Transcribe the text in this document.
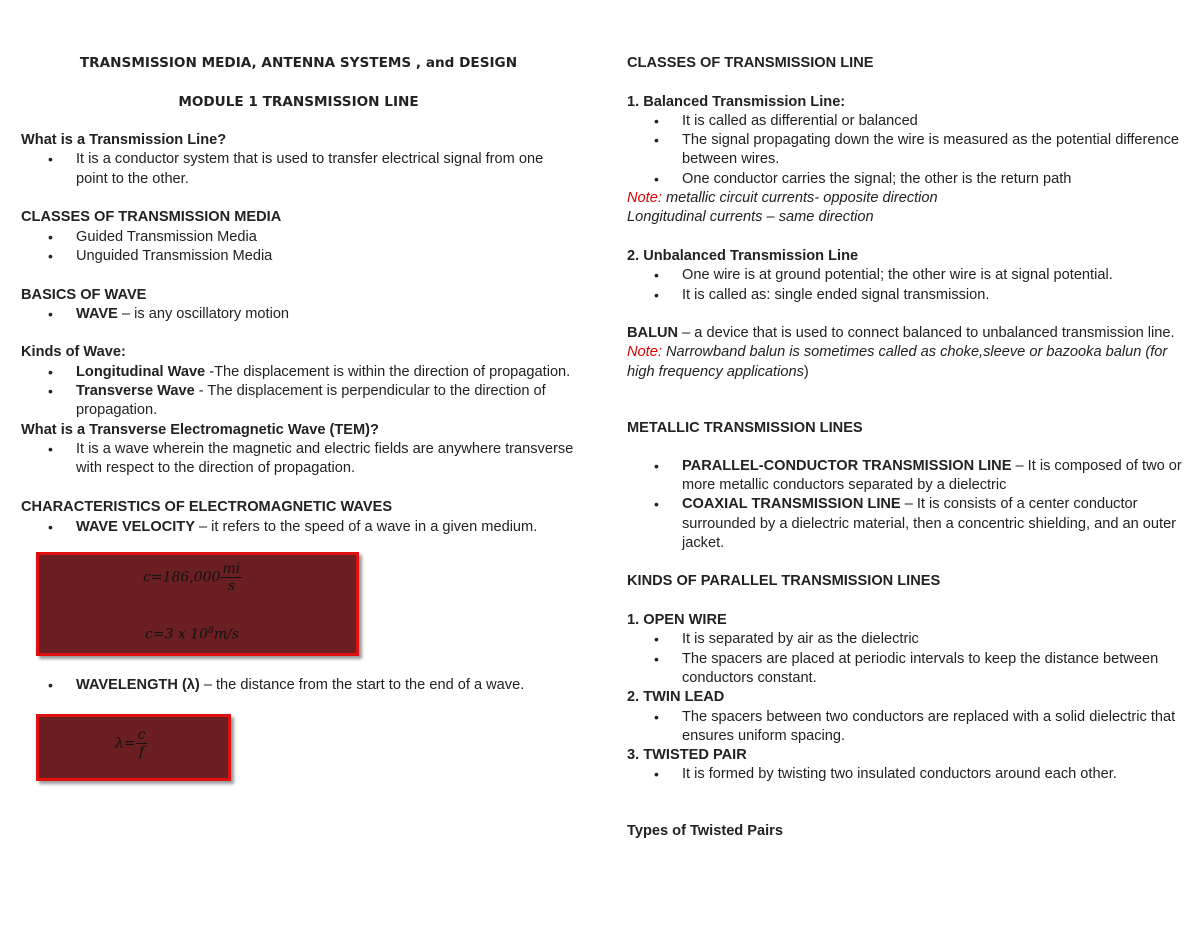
TRANSMISSION MEDIA, ANTENNA SYSTEMS , and DESIGN

MODULE 1 TRANSMISSION LINE

What is a Transmission Line?

• It is a conductor system that is used to transfer electrical signal from one point to the other.

CLASSES OF TRANSMISSION MEDIA

• Guided Transmission Media
• Unguided Transmission Media

BASICS OF WAVE

• WAVE – is any oscillatory motion

Kinds of Wave:

• Longitudinal Wave -The displacement is within the direction of propagation.
• Transverse Wave - The displacement is perpendicular to the direction of propagation.

What is a Transverse Electromagnetic Wave (TEM)?

• It is a wave wherein the magnetic and electric fields are anywhere transverse with respect to the direction of propagation.

CHARACTERISTICS OF ELECTROMAGNETIC WAVES

• WAVE VELOCITY – it refers to the speed of a wave in a given medium.
$c=186,000 \frac{mi}{s}$
c=3 x $10^8m/s$
• WAVELENGTH (λ) – the distance from the start to the end of a wave.
$\lambda= \frac{c}{f}$

CLASSES OF TRANSMISSION LINE

1. Balanced Transmission Line:

• It is called as differential or balanced
• The signal propagating down the wire is measured as the potential difference between wires.
• One conductor carries the signal; the other is the return path

Note: metallic circuit currents- opposite direction

Longitudinal currents – same direction

2. Unbalanced Transmission Line

• One wire is at ground potential; the other wire is at signal potential.
• It is called as: single ended signal transmission.

BALUN – a device that is used to connect balanced to unbalanced transmission line.

Note: Narrowband balun is sometimes called as choke,sleeve or bazooka balun (for high frequency applications)

METALLIC TRANSMISSION LINES

• PARALLEL-CONDUCTOR TRANSMISSION LINE – It is composed of two or more metallic conductors separated by a dielectric
• COAXIAL TRANSMISSION LINE – It is consists of a center conductor surrounded by a dielectric material, then a concentric shielding, and an outer jacket.

KINDS OF PARALLEL TRANSMISSION LINES

1. OPEN WIRE

• It is separated by air as the dielectric
• The spacers are placed at periodic intervals to keep the distance between conductors constant.

2. TWIN LEAD

• The spacers between two conductors are replaced with a solid dielectric that ensures uniform spacing.

3. TWISTED PAIR

• It is formed by twisting two insulated conductors around each other.

Types of Twisted Pairs
